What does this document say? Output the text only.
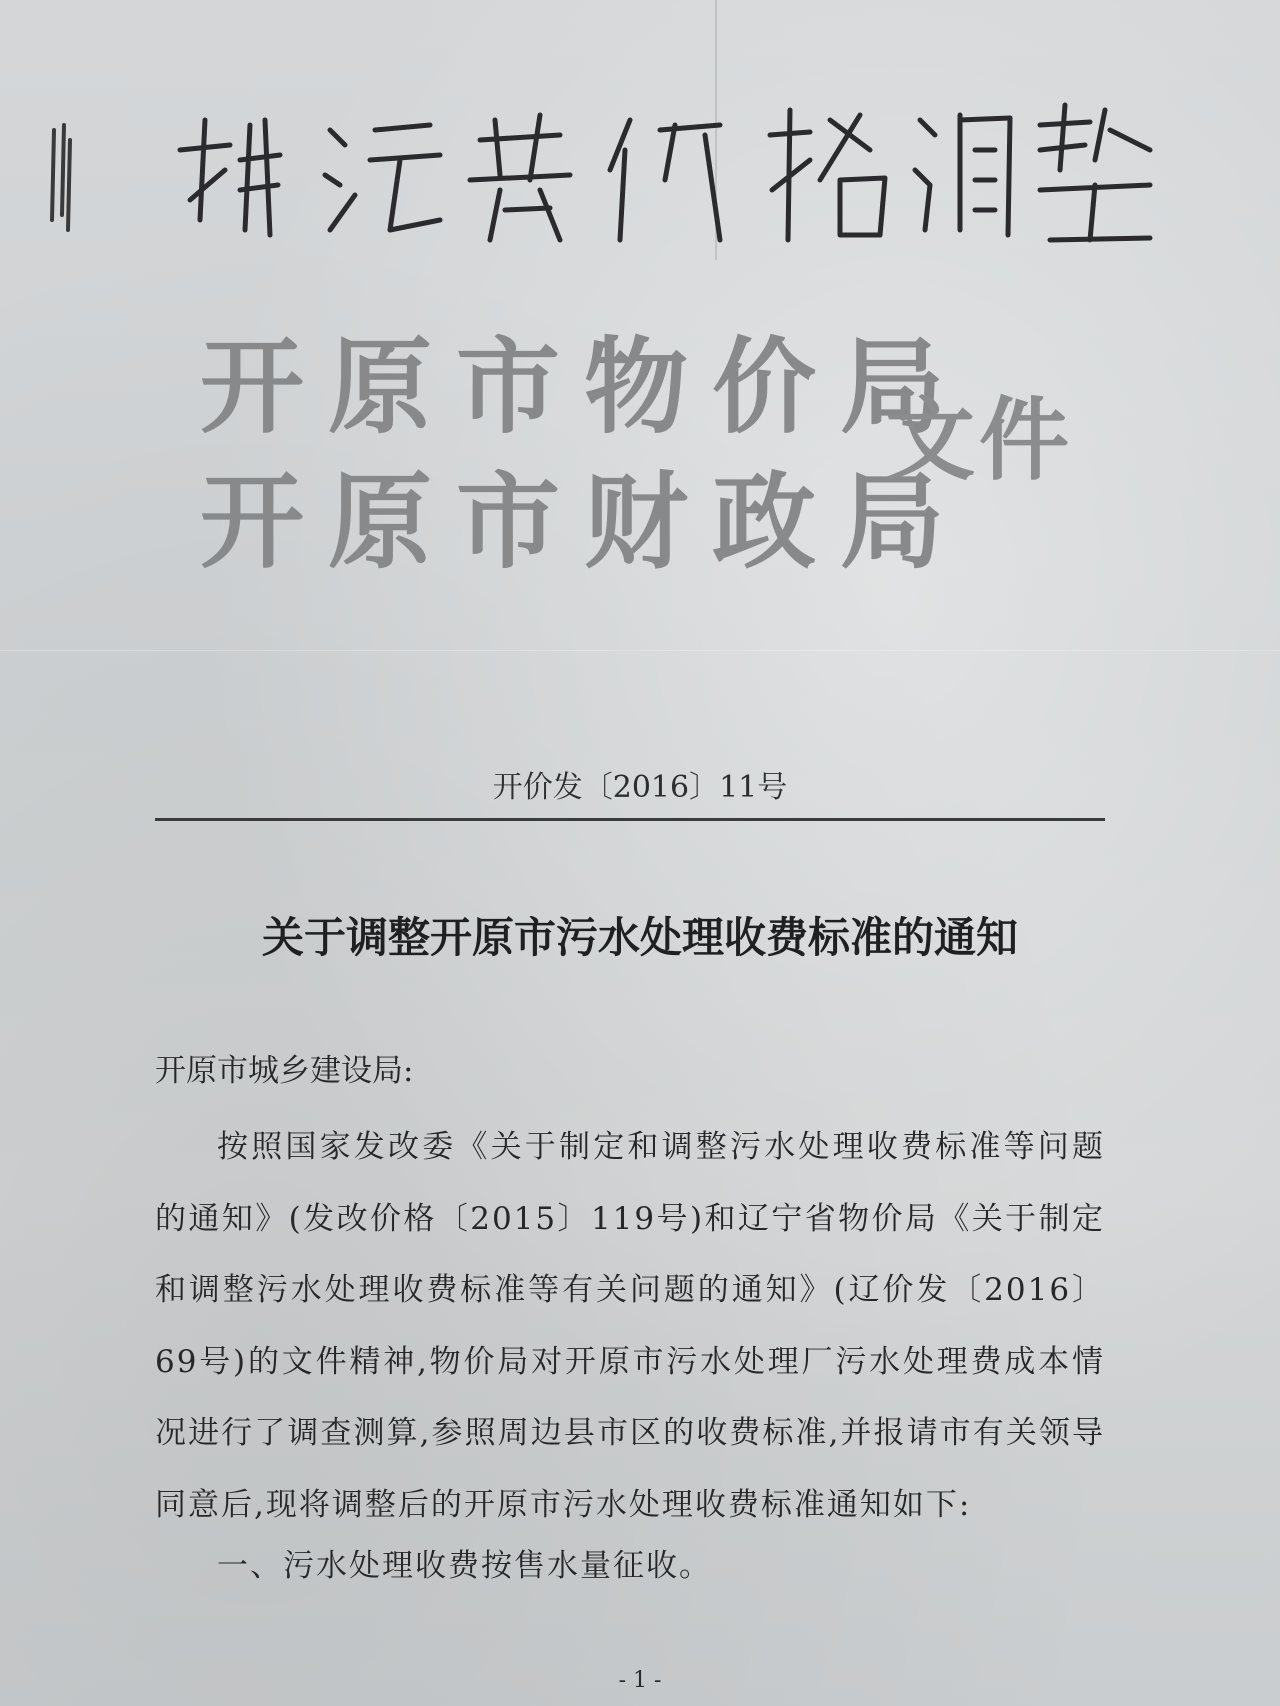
开原市物价局
开原市财政局
文件
开价发〔2016〕11号
关于调整开原市污水处理收费标准的通知
开原市城乡建设局:
按照国家发改委《关于制定和调整污水处理收费标准等问题的通知》(发改价格〔2015〕119号)和辽宁省物价局《关于制定和调整污水处理收费标准等有关问题的通知》(辽价发〔2016〕69号)的文件精神,物价局对开原市污水处理厂污水处理费成本情况进行了调查测算,参照周边县市区的收费标准,并报请市有关领导同意后,现将调整后的开原市污水处理收费标准通知如下:
一、污水处理收费按售水量征收。
- 1 -
